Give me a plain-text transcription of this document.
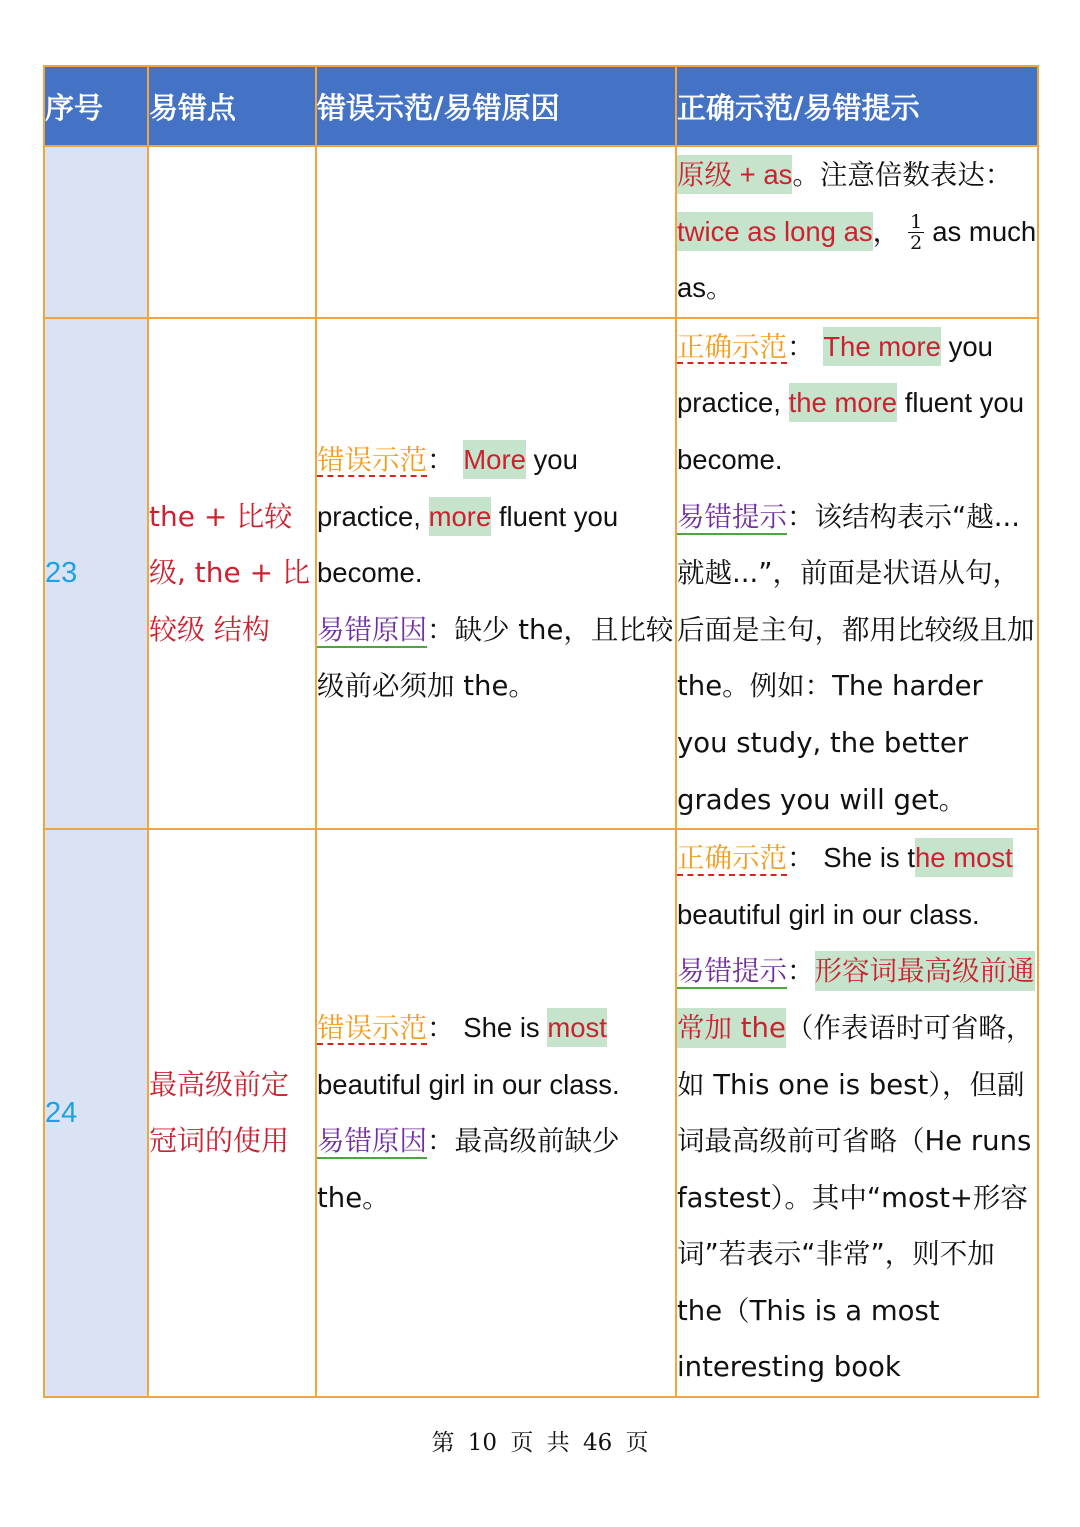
序号	易错点	错误示范/易错原因	正确示范/易错提示
			原级 + as。注意倍数表达：
twice as long as， $\frac{1}{2}$ as much as。
23	the + 比较级, the + 比较级 结构	错误示范： More you practice, more fluent you become.
易错原因：缺少 the，且比较级前必须加 the。	正确示范： The more you practice, the more fluent you become.
易错提示：该结构表示“越...就越...”，前面是状语从句，后面是主句，都用比较级且加 the。例如：The harder you study, the better grades you will get。
24	最高级前定冠词的使用	错误示范： She is most beautiful girl in our class.
易错原因：最高级前缺少 the。	正确示范： She is the most beautiful girl in our class.
易错提示：形容词最高级前通常加 the（作表语时可省略，如 This one is best），但副词最高级前可省略（He runs fastest）。其中“most+形容词”若表示“非常”，则不加 the（This is a most interesting book
第 10 页 共 46 页
